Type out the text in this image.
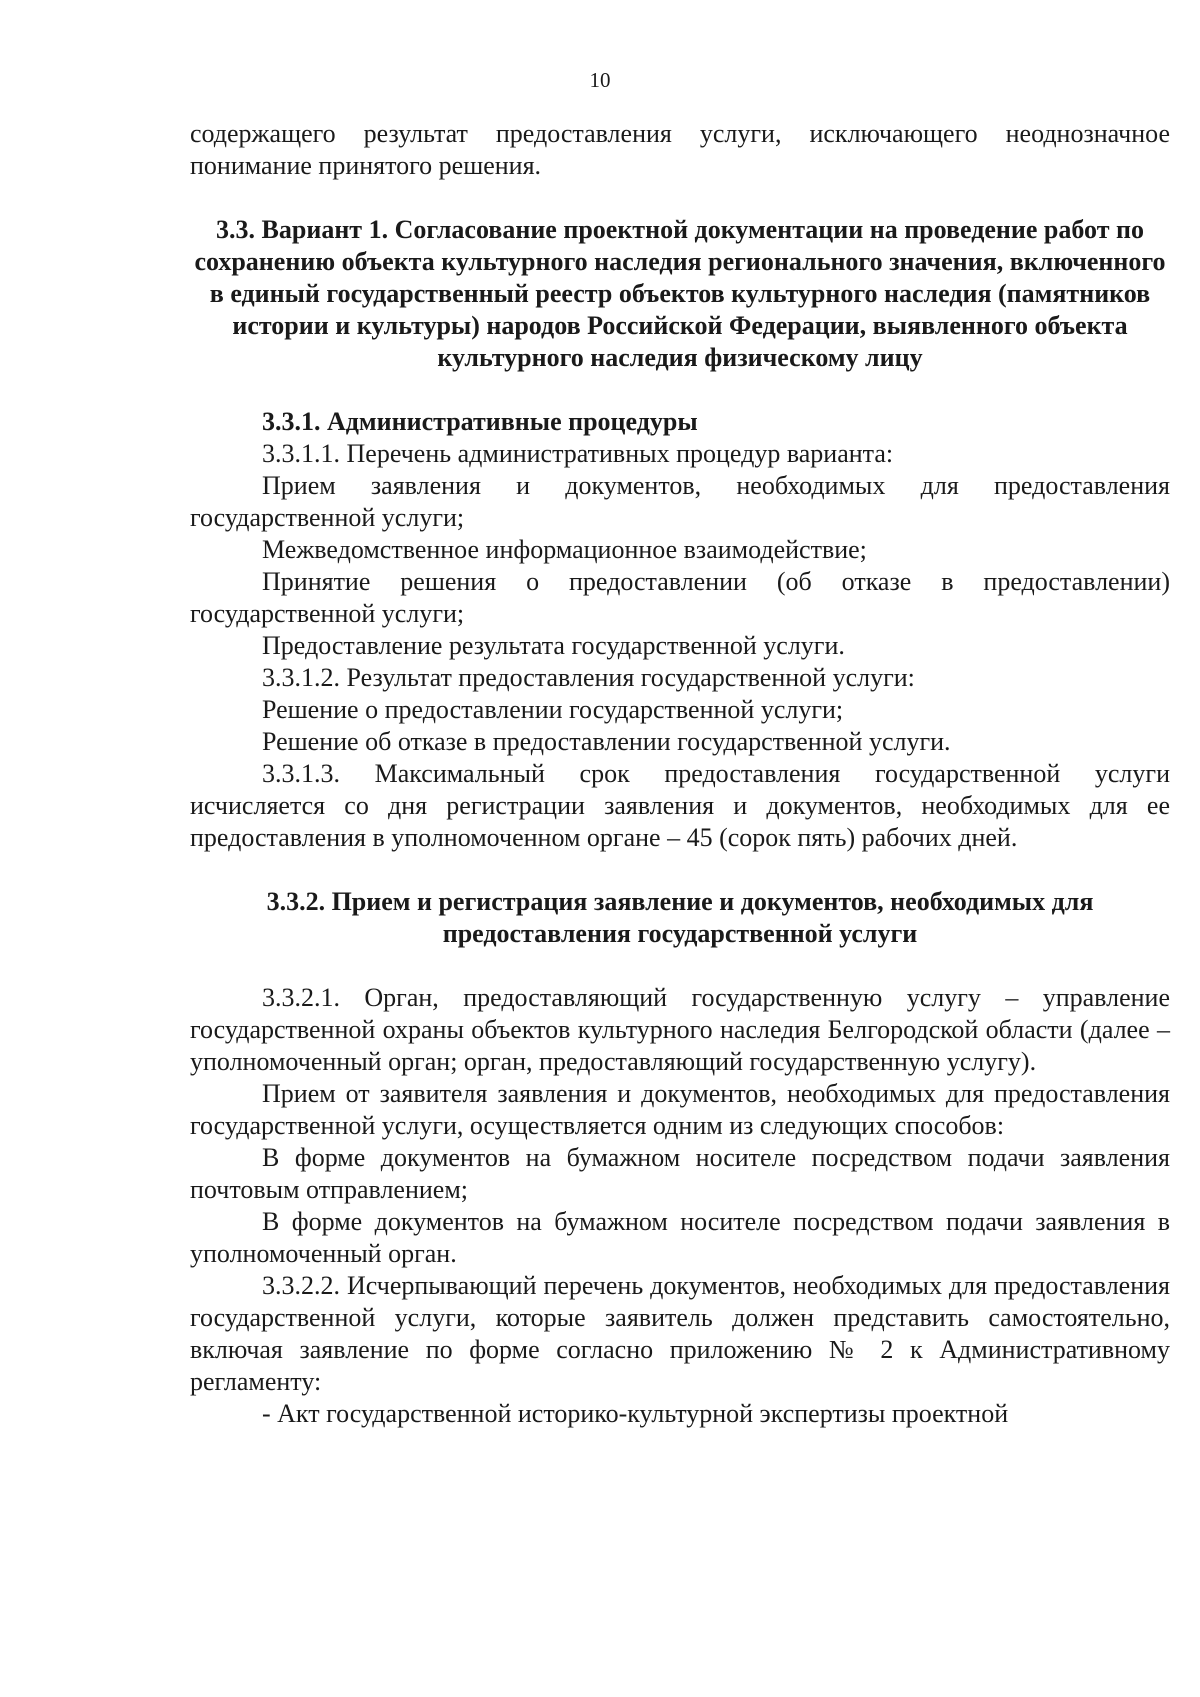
10

содержащего результат предоставления услуги, исключающего неоднозначное понимание принятого решения.

3.3. Вариант 1. Согласование проектной документации на проведение работ по сохранению объекта культурного наследия регионального значения, включенного в единый государственный реестр объектов культурного наследия (памятников истории и культуры) народов Российской Федерации, выявленного объекта культурного наследия физическому лицу

3.3.1. Административные процедуры

3.3.1.1. Перечень административных процедур варианта:

Прием заявления и документов, необходимых для предоставления государственной услуги;

Межведомственное информационное взаимодействие;

Принятие решения о предоставлении (об отказе в предоставлении) государственной услуги;

Предоставление результата государственной услуги.

3.3.1.2. Результат предоставления государственной услуги:

Решение о предоставлении государственной услуги;

Решение об отказе в предоставлении государственной услуги.

3.3.1.3. Максимальный срок предоставления государственной услуги исчисляется со дня регистрации заявления и документов, необходимых для ее предоставления в уполномоченном органе – 45 (сорок пять) рабочих дней.

3.3.2. Прием и регистрация заявление и документов, необходимых для предоставления государственной услуги

3.3.2.1. Орган, предоставляющий государственную услугу – управление государственной охраны объектов культурного наследия Белгородской области (далее – уполномоченный орган; орган, предоставляющий государственную услугу).

Прием от заявителя заявления и документов, необходимых для предоставления государственной услуги, осуществляется одним из следующих способов:

В форме документов на бумажном носителе посредством подачи заявления почтовым отправлением;

В форме документов на бумажном носителе посредством подачи заявления в уполномоченный орган.

3.3.2.2. Исчерпывающий перечень документов, необходимых для предоставления государственной услуги, которые заявитель должен представить самостоятельно, включая заявление по форме согласно приложению № 2 к Административному регламенту:

- Акт государственной историко-культурной экспертизы проектной
